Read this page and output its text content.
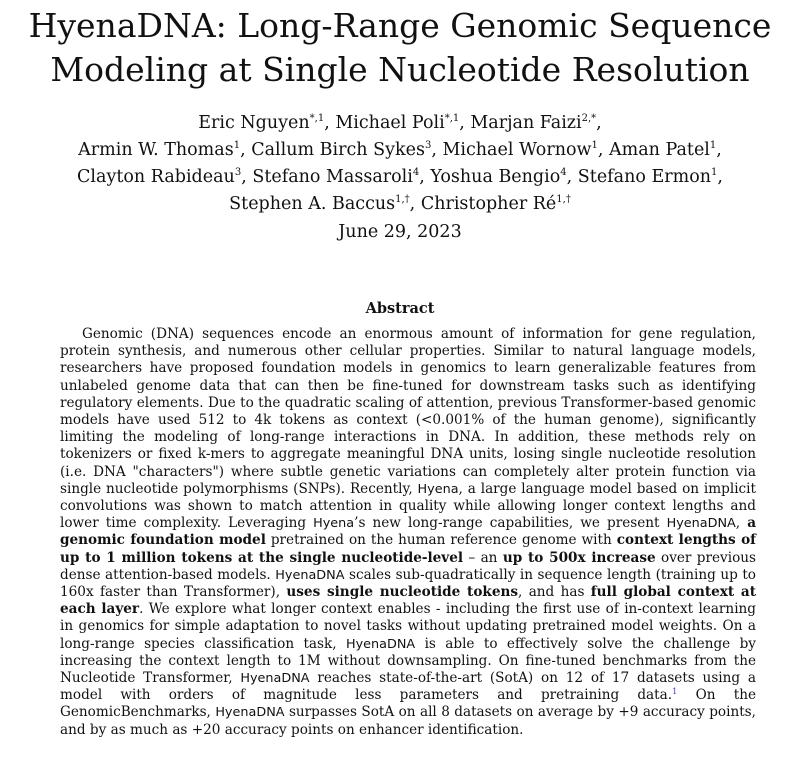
HyenaDNA: Long-Range Genomic Sequence
Modeling at Single Nucleotide Resolution
Eric Nguyen$^{*,1}$, Michael Poli$^{*,1}$, Marjan Faizi$^{2,*}$,
Armin W. Thomas$^1$, Callum Birch Sykes$^3$, Michael Wornow$^1$, Aman Patel$^1$,
Clayton Rabideau$^3$, Stefano Massaroli$^4$, Yoshua Bengio$^4$, Stefano Ermon$^1$,
Stephen A. Baccus$^{1,\dagger}$, Christopher $Ré^{1,\dagger}$
June 29, 2023
Abstract

Genomic (DNA) sequences encode an enormous amount of information for gene regulation, protein synthesis, and numerous other cellular properties. Similar to natural language models, researchers have proposed foundation models in genomics to learn generalizable features from unlabeled genome data that can then be fine-tuned for downstream tasks such as identifying regulatory elements. Due to the quadratic scaling of attention, previous Transformer-based genomic models have used 512 to 4k tokens as context (<0.001% of the human genome), significantly limiting the modeling of long-range interactions in DNA. In addition, these methods rely on tokenizers or fixed k-mers to aggregate meaningful DNA units, losing single nucleotide resolution (i.e. DNA "characters") where subtle genetic variations can completely alter protein function via single nucleotide polymorphisms (SNPs). Recently, Hyena, a large language model based on implicit convolutions was shown to match attention in quality while allowing longer context lengths and lower time complexity. Leveraging Hyena’s new long-range capabilities, we present HyenaDNA, a genomic foundation model pretrained on the human reference genome with context lengths of up to 1 million tokens at the single nucleotide-level – an up to 500x increase over previous dense attention-based models. HyenaDNA scales sub-quadratically in sequence length (training up to 160x faster than Transformer), uses single nucleotide tokens, and has full global context at each layer. We explore what longer context enables - including the first use of in-context learning in genomics for simple adaptation to novel tasks without updating pretrained model weights. On a long-range species classification task, HyenaDNA is able to effectively solve the challenge by increasing the context length to 1M without downsampling. On fine-tuned benchmarks from the Nucleotide Transformer, HyenaDNA reaches state-of-the-art (SotA) on 12 of 17 datasets using a model with orders of magnitude less parameters and pretraining data.$^1$ On the GenomicBenchmarks, HyenaDNA surpasses SotA on all 8 datasets on average by +9 accuracy points, and by as much as +20 accuracy points on enhancer identification.
